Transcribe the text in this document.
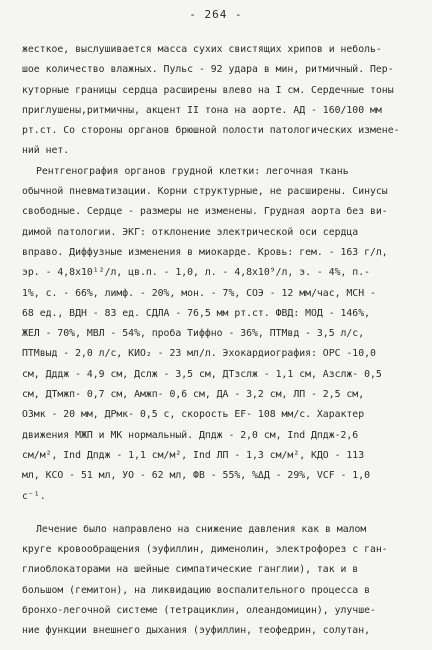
- 264 -
жесткое, выслушивается масса сухих свистящих хрипов и неболь-
шое количество влажных. Пульс - 92 удара в мин, ритмичный. Пер-
куторные границы сердца расширены влево на I см. Сердечные тоны
приглушены,ритмичны, акцент II тона на аорте. АД - 160/100 мм
рт.ст. Со стороны органов брюшной полости патологических измене-
ний нет.
Рентгенография органов грудной клетки: легочная ткань
обычной пневматизации. Корни структурные, не расширены. Синусы
свободные. Сердце - размеры не изменены. Грудная аорта без ви-
димой патологии. ЭКГ: отклонение электрической оси сердца
вправо. Диффузные изменения в миокарде. Кровь: гем. - 163 г/л,
эр. - 4,8x10¹²/л, цв.п. - 1,0, л. - 4,8x10⁹/л, э. - 4%, п.-
1%, с. - 66%, лимф. - 20%, мон. - 7%, СОЭ - 12 мм/час, МСН -
68 ед., ВДН - 83 ед. СДЛА - 76,5 мм рт.ст. ФВД: МОД - 146%,
ЖЕЛ - 70%, МВЛ - 54%, проба Тиффно - 36%, ПТМвд - 3,5 л/с,
ПТМвыд - 2,0 л/с, КИО₂ - 23 мл/л. Эхокардиография: ОРС -10,0
см, Дддж - 4,9 см, Дслж - 3,5 см, ДТзслж - 1,1 см, Азслж- 0,5
см, ДТмжп- 0,7 см, Амжп- 0,6 см, ДА - 3,2 см, ЛП - 2,5 см,
ОЗмк - 20 мм, ДРмк- 0,5 с, скорость EF- 108 мм/с. Характер
движения МЖП и МК нормальный. Дпдж - 2,0 см, Ind Дпдж-2,6
см/м², Ind Дпдж - 1,1 см/м², Ind ЛП - 1,3 см/м², КДО - 113
мл, КСО - 51 мл, УО - 62 мл, ФВ - 55%, %ΔД - 29%, VCF - 1,0
с⁻¹.
Лечение было направлено на снижение давления как в малом
круге кровообращения (эуфиллин, дименолин, электрофорез с ган-
глиоблокаторами на шейные симпатические ганглии), так и в
большом (гемитон), на ликвидацию воспалительного процесса в
бронхо-легочной системе (тетрациклин, олеандомицин), улучше-
ние функции внешнего дыхания (эуфиллин, теофедрин, солутан,
